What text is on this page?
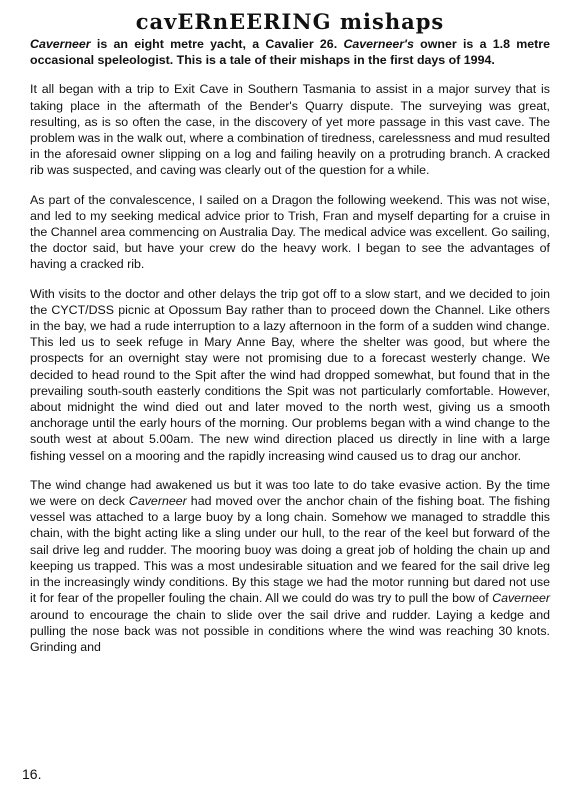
cavERnEERING mishaps

Caverneer is an eight metre yacht, a Cavalier 26. Caverneer's owner is a 1.8 metre occasional speleologist. This is a tale of their mishaps in the first days of 1994.

It all began with a trip to Exit Cave in Southern Tasmania to assist in a major survey that is taking place in the aftermath of the Bender's Quarry dispute. The surveying was great, resulting, as is so often the case, in the discovery of yet more passage in this vast cave. The problem was in the walk out, where a combination of tiredness, carelessness and mud resulted in the aforesaid owner slipping on a log and failing heavily on a protruding branch. A cracked rib was suspected, and caving was clearly out of the question for a while.

As part of the convalescence, I sailed on a Dragon the following weekend. This was not wise, and led to my seeking medical advice prior to Trish, Fran and myself departing for a cruise in the Channel area commencing on Australia Day. The medical advice was excellent. Go sailing, the doctor said, but have your crew do the heavy work. I began to see the advantages of having a cracked rib.

With visits to the doctor and other delays the trip got off to a slow start, and we decided to join the CYCT/DSS picnic at Opossum Bay rather than to proceed down the Channel. Like others in the bay, we had a rude interruption to a lazy afternoon in the form of a sudden wind change. This led us to seek refuge in Mary Anne Bay, where the shelter was good, but where the prospects for an overnight stay were not promising due to a forecast westerly change. We decided to head round to the Spit after the wind had dropped somewhat, but found that in the prevailing south-south easterly conditions the Spit was not particularly comfortable. However, about midnight the wind died out and later moved to the north west, giving us a smooth anchorage until the early hours of the morning. Our problems began with a wind change to the south west at about 5.00am. The new wind direction placed us directly in line with a large fishing vessel on a mooring and the rapidly increasing wind caused us to drag our anchor.

The wind change had awakened us but it was too late to do take evasive action. By the time we were on deck Caverneer had moved over the anchor chain of the fishing boat. The fishing vessel was attached to a large buoy by a long chain. Somehow we managed to straddle this chain, with the bight acting like a sling under our hull, to the rear of the keel but forward of the sail drive leg and rudder. The mooring buoy was doing a great job of holding the chain up and keeping us trapped. This was a most undesirable situation and we feared for the sail drive leg in the increasingly windy conditions. By this stage we had the motor running but dared not use it for fear of the propeller fouling the chain. All we could do was try to pull the bow of Caverneer around to encourage the chain to slide over the sail drive and rudder. Laying a kedge and pulling the nose back was not possible in conditions where the wind was reaching 30 knots. Grinding and

16.
